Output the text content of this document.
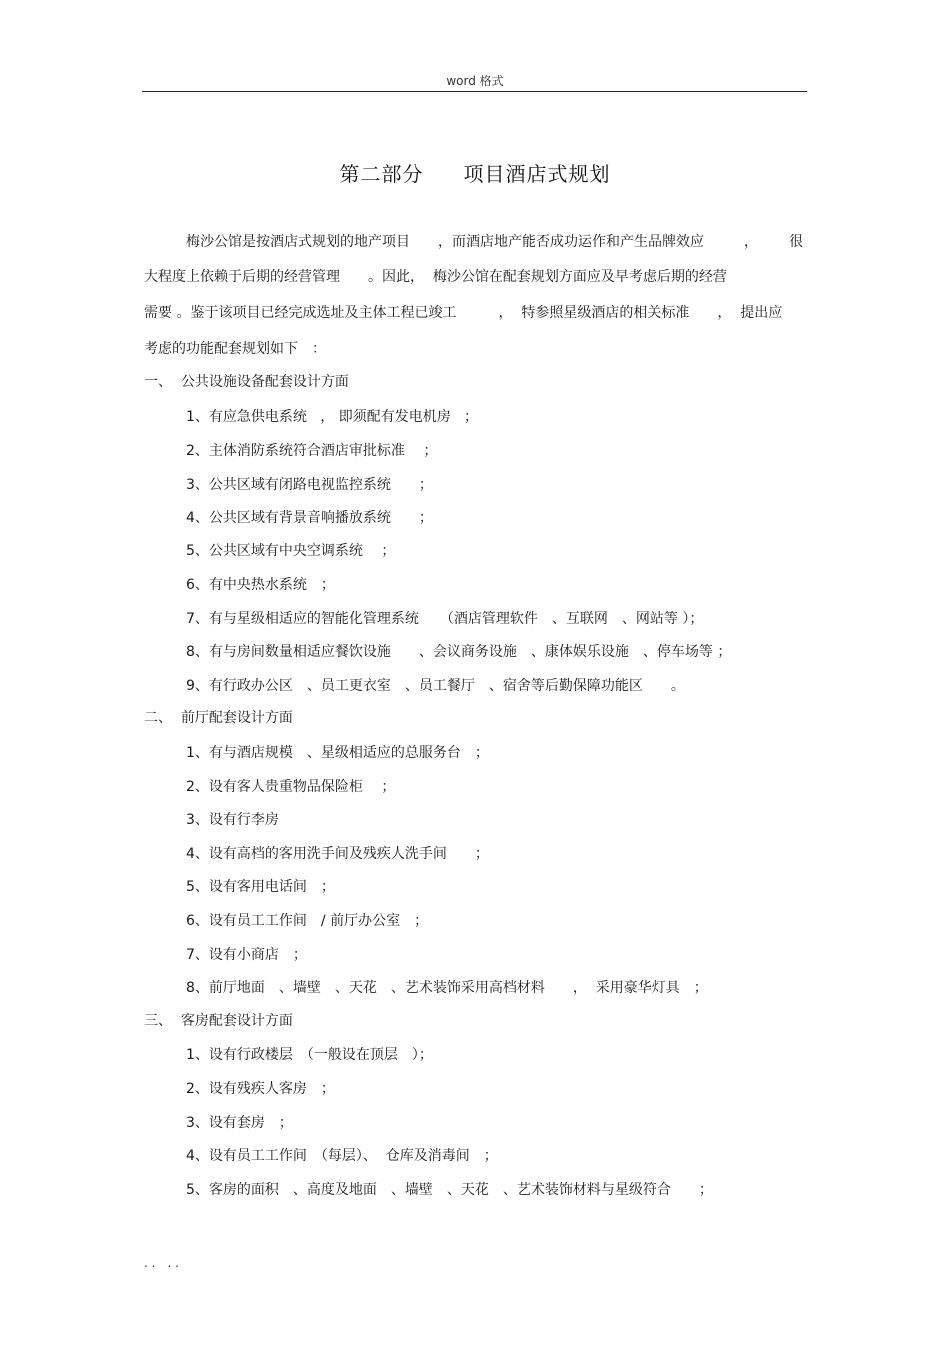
word 格式
第二部分 项目酒店式规划
梅沙公馆是按酒店式规划的地产项目　　，而酒店地产能否成功运作和产生品牌效应	， 很
大程度上依赖于后期的经营管理　　。因此，  梅沙公馆在配套规划方面应及早考虑后期的经营
需要 。鉴于该项目已经完成选址及主体工程已竣工　　　，  特参照星级酒店的相关标准　　，  提出应
考虑的功能配套规划如下　：
一、  公共设施设备配套设计方面
1、有应急供电系统   ， 即须配有发电机房   ；
2、主体消防系统符合酒店审批标准　 ；
3、公共区域有闭路电视监控系统　　；
4、公共区域有背景音响播放系统　　；
5、公共区域有中央空调系统　 ；
6、有中央热水系统　；
7、有与星级相适应的智能化管理系统　　（酒店管理软件　、互联网　、网站等 ）；
8、有与房间数量相适应餐饮设施　　、会议商务设施　、康体娱乐设施　、停车场等 ；
9、有行政办公区　、员工更衣室　、员工餐厅　、宿舍等后勤保障功能区　　。
二、  前厅配套设计方面
1、有与酒店规模　、星级相适应的总服务台　；
2、设有客人贵重物品保险柜　 ；
3、设有行李房
4、设有高档的客用洗手间及残疾人洗手间　　；
5、设有客用电话间　；
6、设有员工工作间　/ 前厅办公室　；
7、设有小商店　；
8、前厅地面　、墙壁　、天花　、艺术装饰采用高档材料　　，  采用豪华灯具　；
三、  客房配套设计方面
1、设有行政楼层　（一般设在顶层　）；
2、设有残疾人客房　；
3、设有套房　；
4、设有员工工作间　（每层）、  仓库及消毒间　；
5、客房的面积　、高度及地面　、墙壁　、天花　、艺术装饰材料与星级符合　　；
. .　. .
